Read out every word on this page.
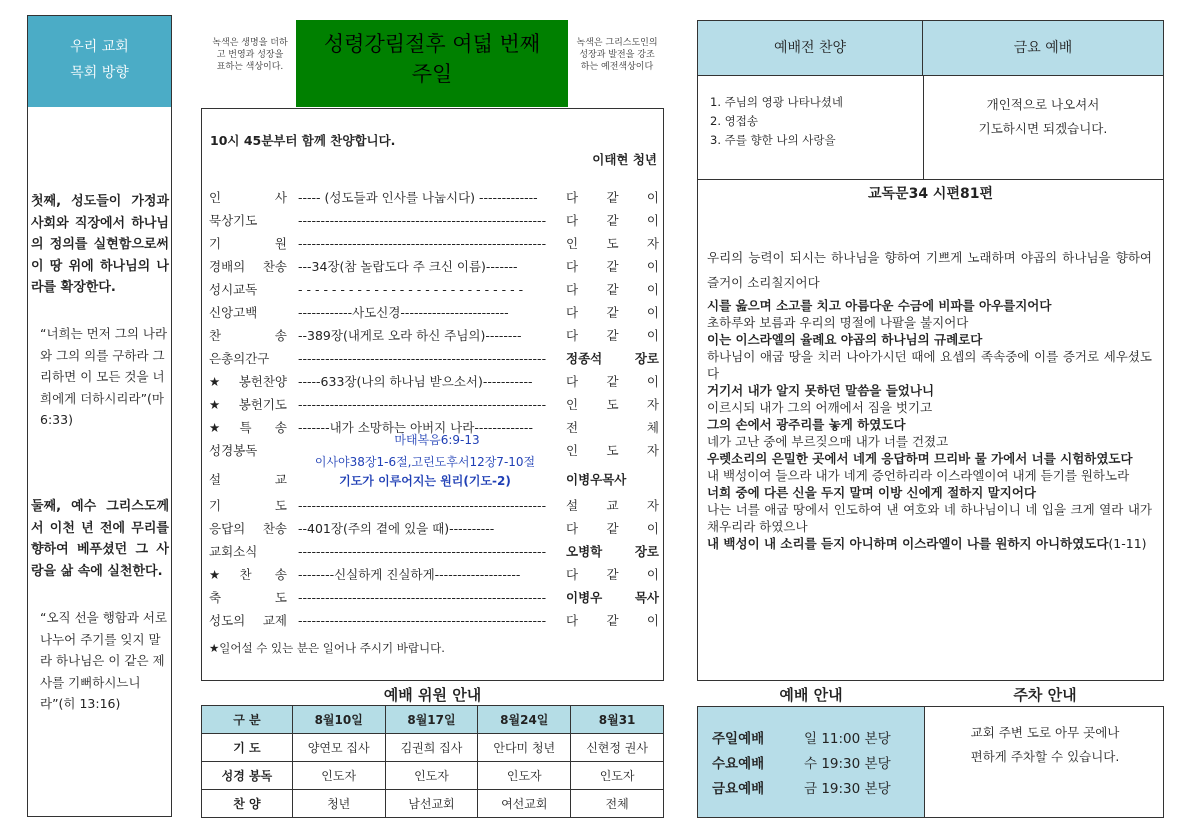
우리 교회
목회 방향
첫째, 성도들이 가정과 사회와 직장에서 하나님의 정의를 실현함으로써 이 땅 위에 하나님의 나라를 확장한다.
“너희는 먼저 그의 나라와 그의 의를 구하라 그리하면 이 모든 것을 너희에게 더하시리라”(마 6:33)
둘째, 예수 그리스도께서 이천 년 전에 무리를 향하여 베푸셨던 그 사랑을 삶 속에 실천한다.
“오직 선을 행함과 서로 나누어 주기를 잊지 말라 하나님은 이 같은 제사를 기뻐하시느니라”(히 13:16)
녹색은 생명을 더하고 번영과 성장을 표하는 색상이다.
성령강림절후 여덟 번째
주일
녹색은 그리스도인의 성장과 발전을 강조하는 예전색상이다
10시 45분부터 함께 찬양합니다.
이태현 청년
인 사 ----- (성도들과 인사를 나눕시다) -------------	다 같 이
묵상기도	-------------------------------------------------------	다 같 이
기 원 -------------------------------------------------------	인 도 자
경배의 찬송 ---34장(참 놀랍도다 주 크신 이름)-------	다 같 이
성시교독	- - - - - - - - - - - - - - - - - - - - - - - - - - -	다 같 이
신앙고백	------------사도신경------------------------	다 같 이
찬 송 --389장(내게로 오라 하신 주님의)--------	다 같 이
은총의간구	-------------------------------------------------------	정종석 장로
★봉헌찬양 -----633장(나의 하나님 받으소서)-----------	다 같 이
★봉헌기도 -------------------------------------------------------	인 도 자
★특 송 -------내가 소망하는 아버지 나라-------------	전 체
성경봉독	인 도 자
설 교	이병우목사
기 도 -------------------------------------------------------	설 교 자
응답의 찬송 --401장(주의 곁에 있을 때)----------	다 같 이
교회소식	-------------------------------------------------------	오병학 장로
★찬 송 --------신실하게 진실하게-------------------	다 같 이
축 도 -------------------------------------------------------	이병우 목사
성도의 교제 -------------------------------------------------------	다 같 이
마태복음6:9-13
이사야38장1-6절,고린도후서12장7-10절
기도가 이루어지는 원리(기도-2)
★일어설 수 있는 분은 일어나 주시기 바랍니다.
예배 위원 안내
구 분	8월10일	8월17일	8월24일	8월31
기 도	양연모 집사	김권희 집사	안다미 청년	신현정 권사
성경 봉독	인도자	인도자	인도자	인도자
찬 양	청년	남선교회	여선교회	전체
예배전 찬양	금요 예배
1. 주님의 영광 나타나셨네
2. 영접송
3. 주를 향한 나의 사랑을
개인적으로 나오셔서
기도하시면 되겠습니다.
교독문34 시편81편
우리의 능력이 되시는 하나님을 향하여 기쁘게 노래하며 야곱의 하나님을 향하여 즐거이 소리칠지어다
시를 읊으며 소고를 치고 아름다운 수금에 비파를 아우를지어다
초하루와 보름과 우리의 명절에 나팔을 불지어다
이는 이스라엘의 율례요 야곱의 하나님의 규례로다
하나님이 애굽 땅을 치러 나아가시던 때에 요셉의 족속중에 이를 증거로 세우셨도다
거기서 내가 알지 못하던 말씀을 들었나니
이르시되 내가 그의 어깨에서 짐을 벗기고
그의 손에서 광주리를 놓게 하였도다
네가 고난 중에 부르짖으매 내가 너를 건졌고
우렛소리의 은밀한 곳에서 네게 응답하며 므리바 물 가에서 너를 시험하였도다
내 백성이여 들으라 내가 네게 증언하리라 이스라엘이여 내게 듣기를 원하노라
너희 중에 다른 신을 두지 말며 이방 신에게 절하지 말지어다
나는 너를 애굽 땅에서 인도하여 낸 여호와 네 하나님이니 네 입을 크게 열라 내가 채우리라 하였으나
내 백성이 내 소리를 듣지 아니하며 이스라엘이 나를 원하지 아니하였도다(1-11)
예배 안내	주차 안내
주일예배	일 11:00 본당
수요예배	수 19:30 본당
금요예배	금 19:30 본당
교회 주변 도로 아무 곳에나
편하게 주차할 수 있습니다.
